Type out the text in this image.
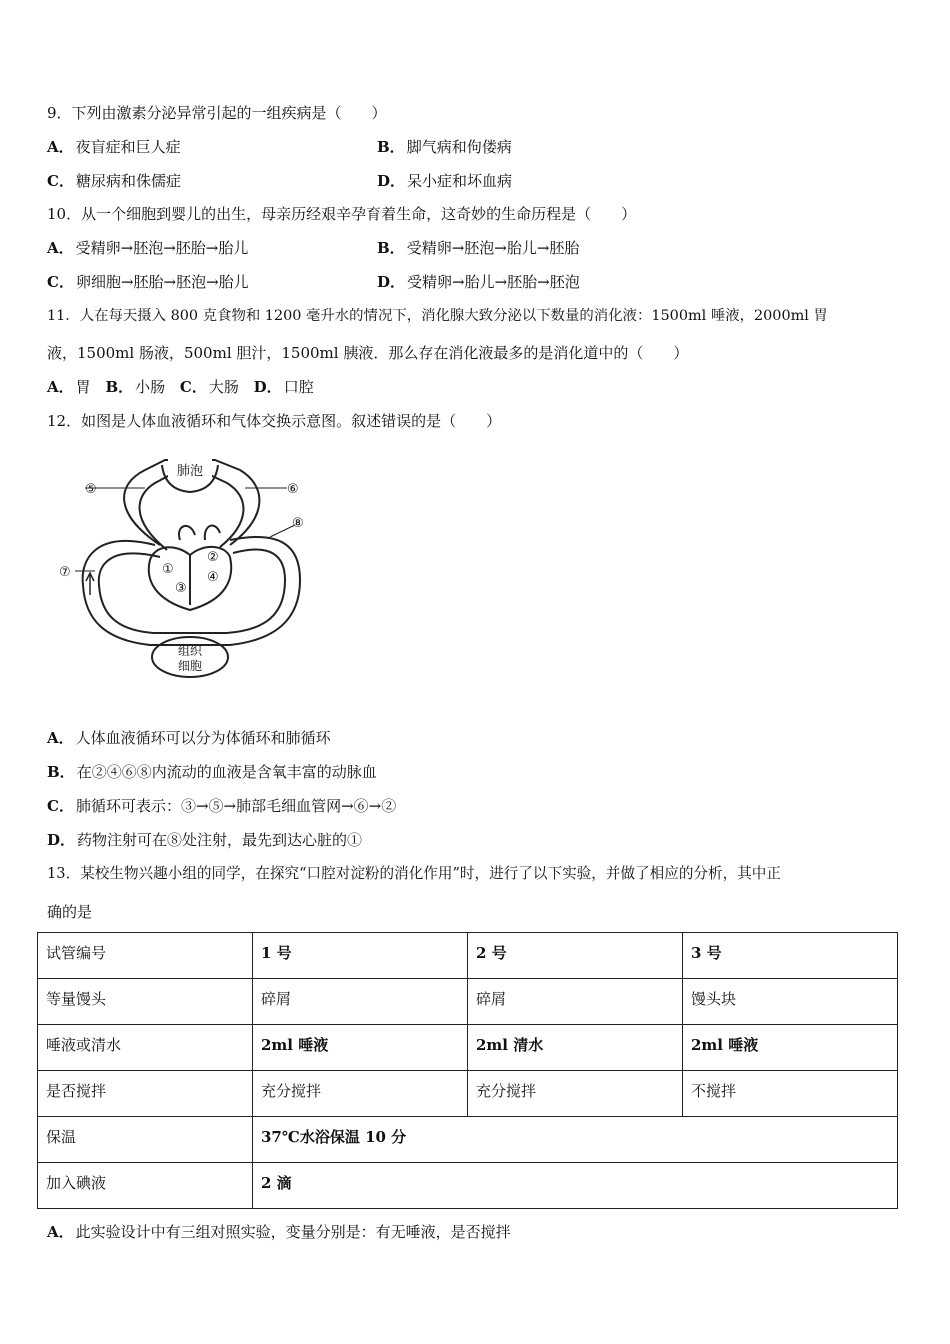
9．下列由激素分泌异常引起的一组疾病是（　　）
A． 夜盲症和巨人症	B． 脚气病和佝偻病
C． 糖尿病和侏儒症	D． 呆小症和坏血病
10．从一个细胞到婴儿的出生，母亲历经艰辛孕育着生命，这奇妙的生命历程是（　　）
A． 受精卵→胚泡→胚胎→胎儿	B． 受精卵→胚泡→胎儿→胚胎
C． 卵细胞→胚胎→胚泡→胎儿	D． 受精卵→胎儿→胚胎→胚泡
11．人在每天摄入 800 克食物和 1200 毫升水的情况下，消化腺大致分泌以下数量的消化液：1500ml 唾液，2000ml 胃
液，1500ml 肠液，500ml 胆汁，1500ml 胰液．那么存在消化液最多的是消化道中的（　　）
A． 胃 B． 小肠 C． 大肠 D． 口腔
12．如图是人体血液循环和气体交换示意图。叙述错误的是（　　）
肺泡
组织
细胞
①
②
③
④
⑤	⑥
⑦
⑧
A． 人体血液循环可以分为体循环和肺循环
B． 在②④⑥⑧内流动的血液是含氧丰富的动脉血
C． 肺循环可表示：③→⑤→肺部毛细血管网→⑥→②
D． 药物注射可在⑧处注射，最先到达心脏的①
13．某校生物兴趣小组的同学，在探究“口腔对淀粉的消化作用”时，进行了以下实验，并做了相应的分析，其中正
确的是
试管编号	1 号	2 号	3 号
等量馒头	碎屑	碎屑	馒头块
唾液或清水	2ml 唾液	2ml 清水	2ml 唾液
是否搅拌	充分搅拌	充分搅拌	不搅拌
保温	37℃水浴保温 10 分		
加入碘液	2 滴		
A． 此实验设计中有三组对照实验，变量分别是：有无唾液，是否搅拌
